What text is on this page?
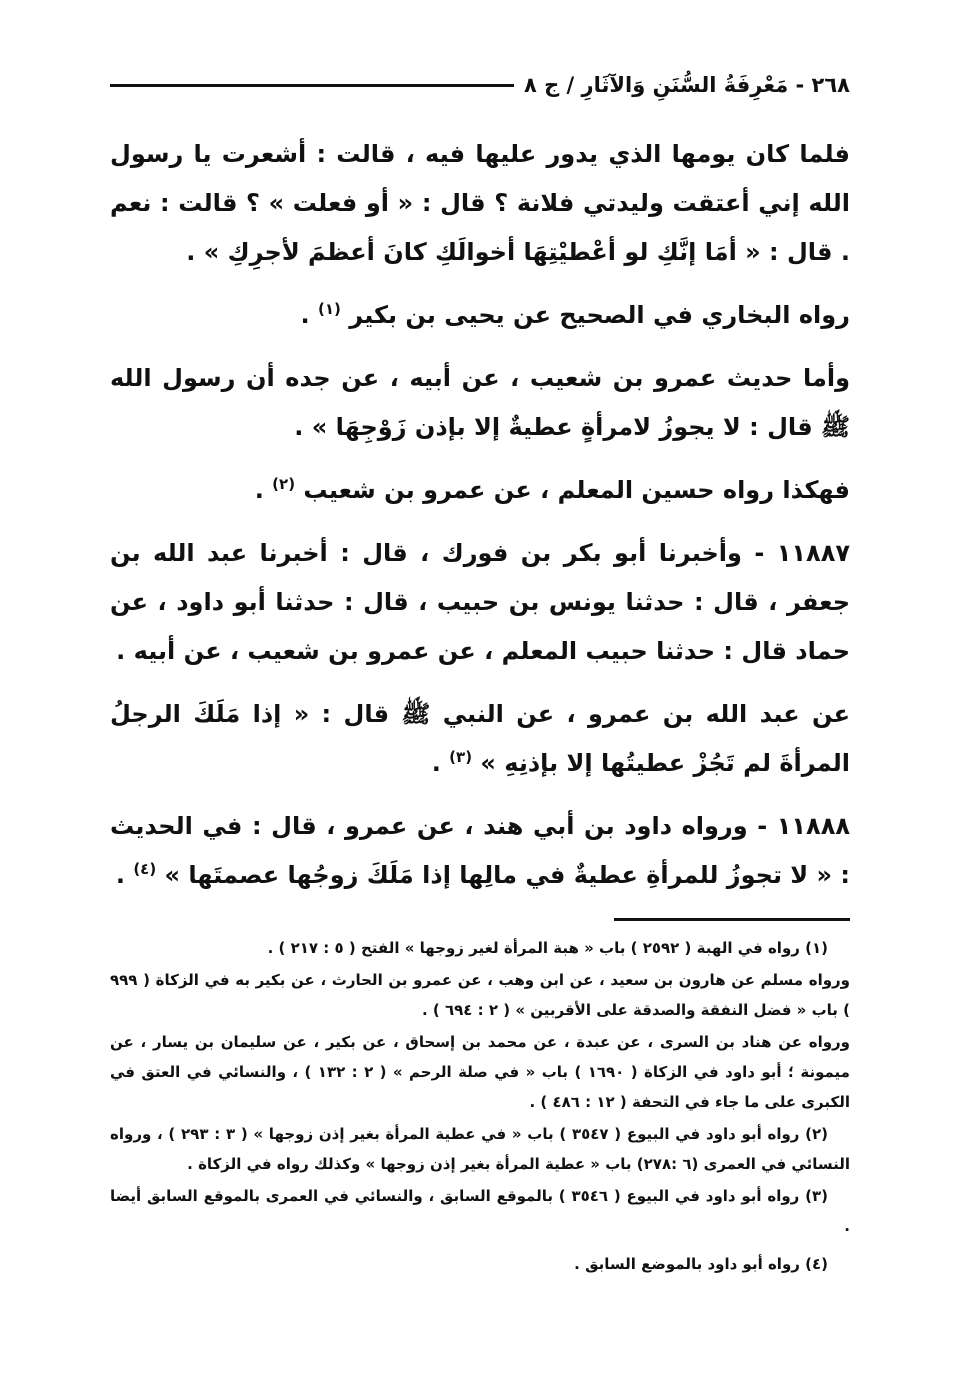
٢٦٨ - مَعْرِفَةُ السُّنَنِ وَالآثَارِ / ج ٨

فلما كان يومها الذي يدور عليها فيه ، قالت : أشعرت يا رسول الله إني أعتقت وليدتي فلانة ؟ قال : « أو فعلت » ؟ قالت : نعم . قال : « أمَا إنَّكِ لو أعْطيْتِهَا أخوالَكِ كانَ أعظمَ لأجرِكِ » .

رواه البخاري في الصحيح عن يحيى بن بكير $^{(١)}$ .

وأما حديث عمرو بن شعيب ، عن أبيه ، عن جده أن رسول الله ﷺ قال : لا يجوزُ لامرأةٍ عطيةٌ إلا بإذن زَوْجِهَا » .

فهكذا رواه حسين المعلم ، عن عمرو بن شعيب $^{(٢)}$ .

١١٨٨٧ - وأخبرنا أبو بكر بن فورك ، قال : أخبرنا عبد الله بن جعفر ، قال : حدثنا يونس بن حبيب ، قال : حدثنا أبو داود ، عن حماد قال : حدثنا حبيب المعلم ، عن عمرو بن شعيب ، عن أبيه .

عن عبد الله بن عمرو ، عن النبي ﷺ قال : « إذا مَلَكَ الرجلُ المرأةَ لم تَجُزْ عطيتُها إلا بإذنِهِ » $^{(٣)}$ .

١١٨٨٨ - ورواه داود بن أبي هند ، عن عمرو ، قال : في الحديث : « لا تجوزُ للمرأةِ عطيةٌ في مالِها إذا مَلَكَ زوجُها عصمتَها » $^{(٤)}$ .

(١) رواه في الهبة ( ٢٥٩٢ ) باب « هبة المرأة لغير زوجها » الفتح ( ٥ : ٢١٧ ) .

ورواه مسلم عن هارون بن سعيد ، عن ابن وهب ، عن عمرو بن الحارث ، عن بكير به في الزكاة ( ٩٩٩ ) باب « فضل النفقة والصدقة على الأقربين » ( ٢ : ٦٩٤ ) .

ورواه عن هناد بن السرى ، عن عبدة ، عن محمد بن إسحاق ، عن بكير ، عن سليمان بن يسار ، عن ميمونة ؛ أبو داود في الزكاة ( ١٦٩٠ ) باب « في صلة الرحم » ( ٢ : ١٣٢ ) ، والنسائي في العتق في الكبرى على ما جاء في التحفة ( ١٢ : ٤٨٦ ) .

(٢) رواه أبو داود في البيوع ( ٣٥٤٧ ) باب « في عطية المرأة بغير إذن زوجها » ( ٣ : ٢٩٣ ) ، ورواه النسائي في العمرى (٦ :٢٧٨) باب « عطية المرأة بغير إذن زوجها » وكذلك رواه في الزكاة .

(٣) رواه أبو داود في البيوع ( ٣٥٤٦ ) بالموقع السابق ، والنسائي في العمرى بالموقع السابق أيضا .

(٤) رواه أبو داود بالموضع السابق .
